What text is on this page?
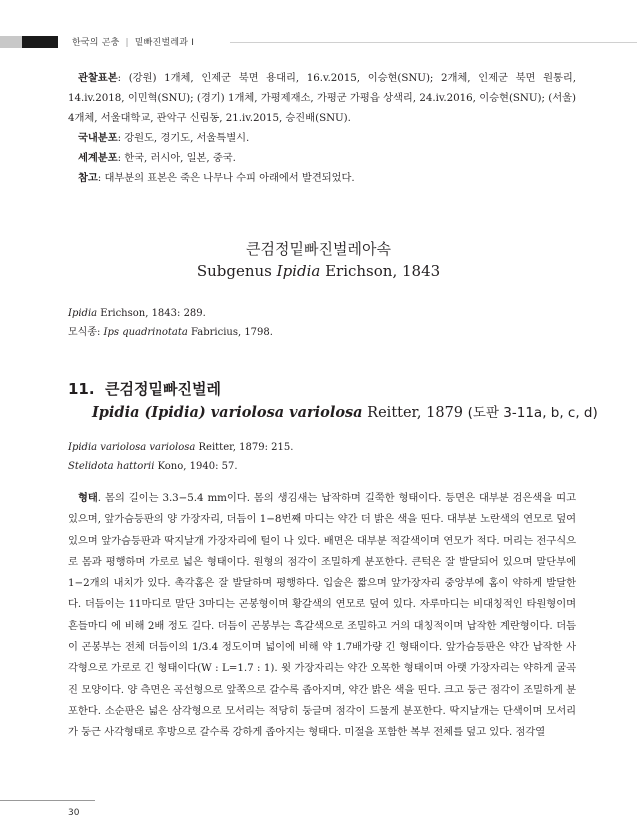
한국의 곤충 | 밑빠진벌레과 I

관찰표본: (강원) 1개체, 인제군 북면 용대리, 16.v.2015, 이승현(SNU); 2개체, 인제군 북면 원통리, 14.iv.2018, 이민혁(SNU); (경기) 1개체, 가평제재소, 가평군 가평읍 상색리, 24.iv.2016, 이승현(SNU); (서울) 4개체, 서울대학교, 관악구 신림동, 21.iv.2015, 승진배(SNU).

국내분포: 강원도, 경기도, 서울특별시.

세계분포: 한국, 러시아, 일본, 중국.

참고: 대부분의 표본은 죽은 나무나 수피 아래에서 발견되었다.

큰검정밑빠진벌레아속
Subgenus Ipidia Erichson, 1843

Ipidia Erichson, 1843: 289.

모식종: Ips quadrinotata Fabricius, 1798.

11. 큰검정밑빠진벌레
Ipidia (Ipidia) variolosa variolosa Reitter, 1879 (도판 3-11a, b, c, d)

Ipidia variolosa variolosa Reitter, 1879: 215.

Stelidota hattorii Kono, 1940: 57.

형태. 몸의 길이는 3.3−5.4 mm이다. 몸의 생김새는 납작하며 길쭉한 형태이다. 등면은 대부분 검은색을 띠고 있으며, 앞가슴등판의 양 가장자리, 더듬이 1−8번째 마디는 약간 더 밝은 색을 띤다. 대부분 노란색의 연모로 덮여 있으며 앞가슴등판과 딱지날개 가장자리에 털이 나 있다. 배면은 대부분 적갈색이며 연모가 적다. 머리는 전구식으로 몸과 평행하며 가로로 넓은 형태이다. 원형의 점각이 조밀하게 분포한다. 큰턱은 잘 발달되어 있으며 말단부에 1−2개의 내치가 있다. 촉각홈은 잘 발달하며 평행하다. 입술은 짧으며 앞가장자리 중앙부에 홈이 약하게 발달한다. 더듬이는 11마디로 말단 3마디는 곤봉형이며 황갈색의 연모로 덮여 있다. 자루마디는 비대칭적인 타원형이며 흔들마디 에 비해 2배 정도 길다. 더듬이 곤봉부는 흑갈색으로 조밀하고 거의 대칭적이며 납작한 계란형이다. 더듬이 곤봉부는 전체 더듬이의 1/3.4 정도이며 넓이에 비해 약 1.7배가량 긴 형태이다. 앞가슴등판은 약간 납작한 사각형으로 가로로 긴 형태이다(W : L=1.7 : 1). 윗 가장자리는 약간 오목한 형태이며 아랫 가장자리는 약하게 굴곡진 모양이다. 양 측면은 곡선형으로 앞쪽으로 갈수록 좁아지며, 약간 밝은 색을 띤다. 크고 둥근 점각이 조밀하게 분포한다. 소순판은 넓은 삼각형으로 모서리는 적당히 둥글며 점각이 드물게 분포한다. 딱지날개는 단색이며 모서리가 둥근 사각형태로 후방으로 갈수록 강하게 좁아지는 형태다. 미절을 포함한 복부 전체를 덮고 있다. 점각열

30
